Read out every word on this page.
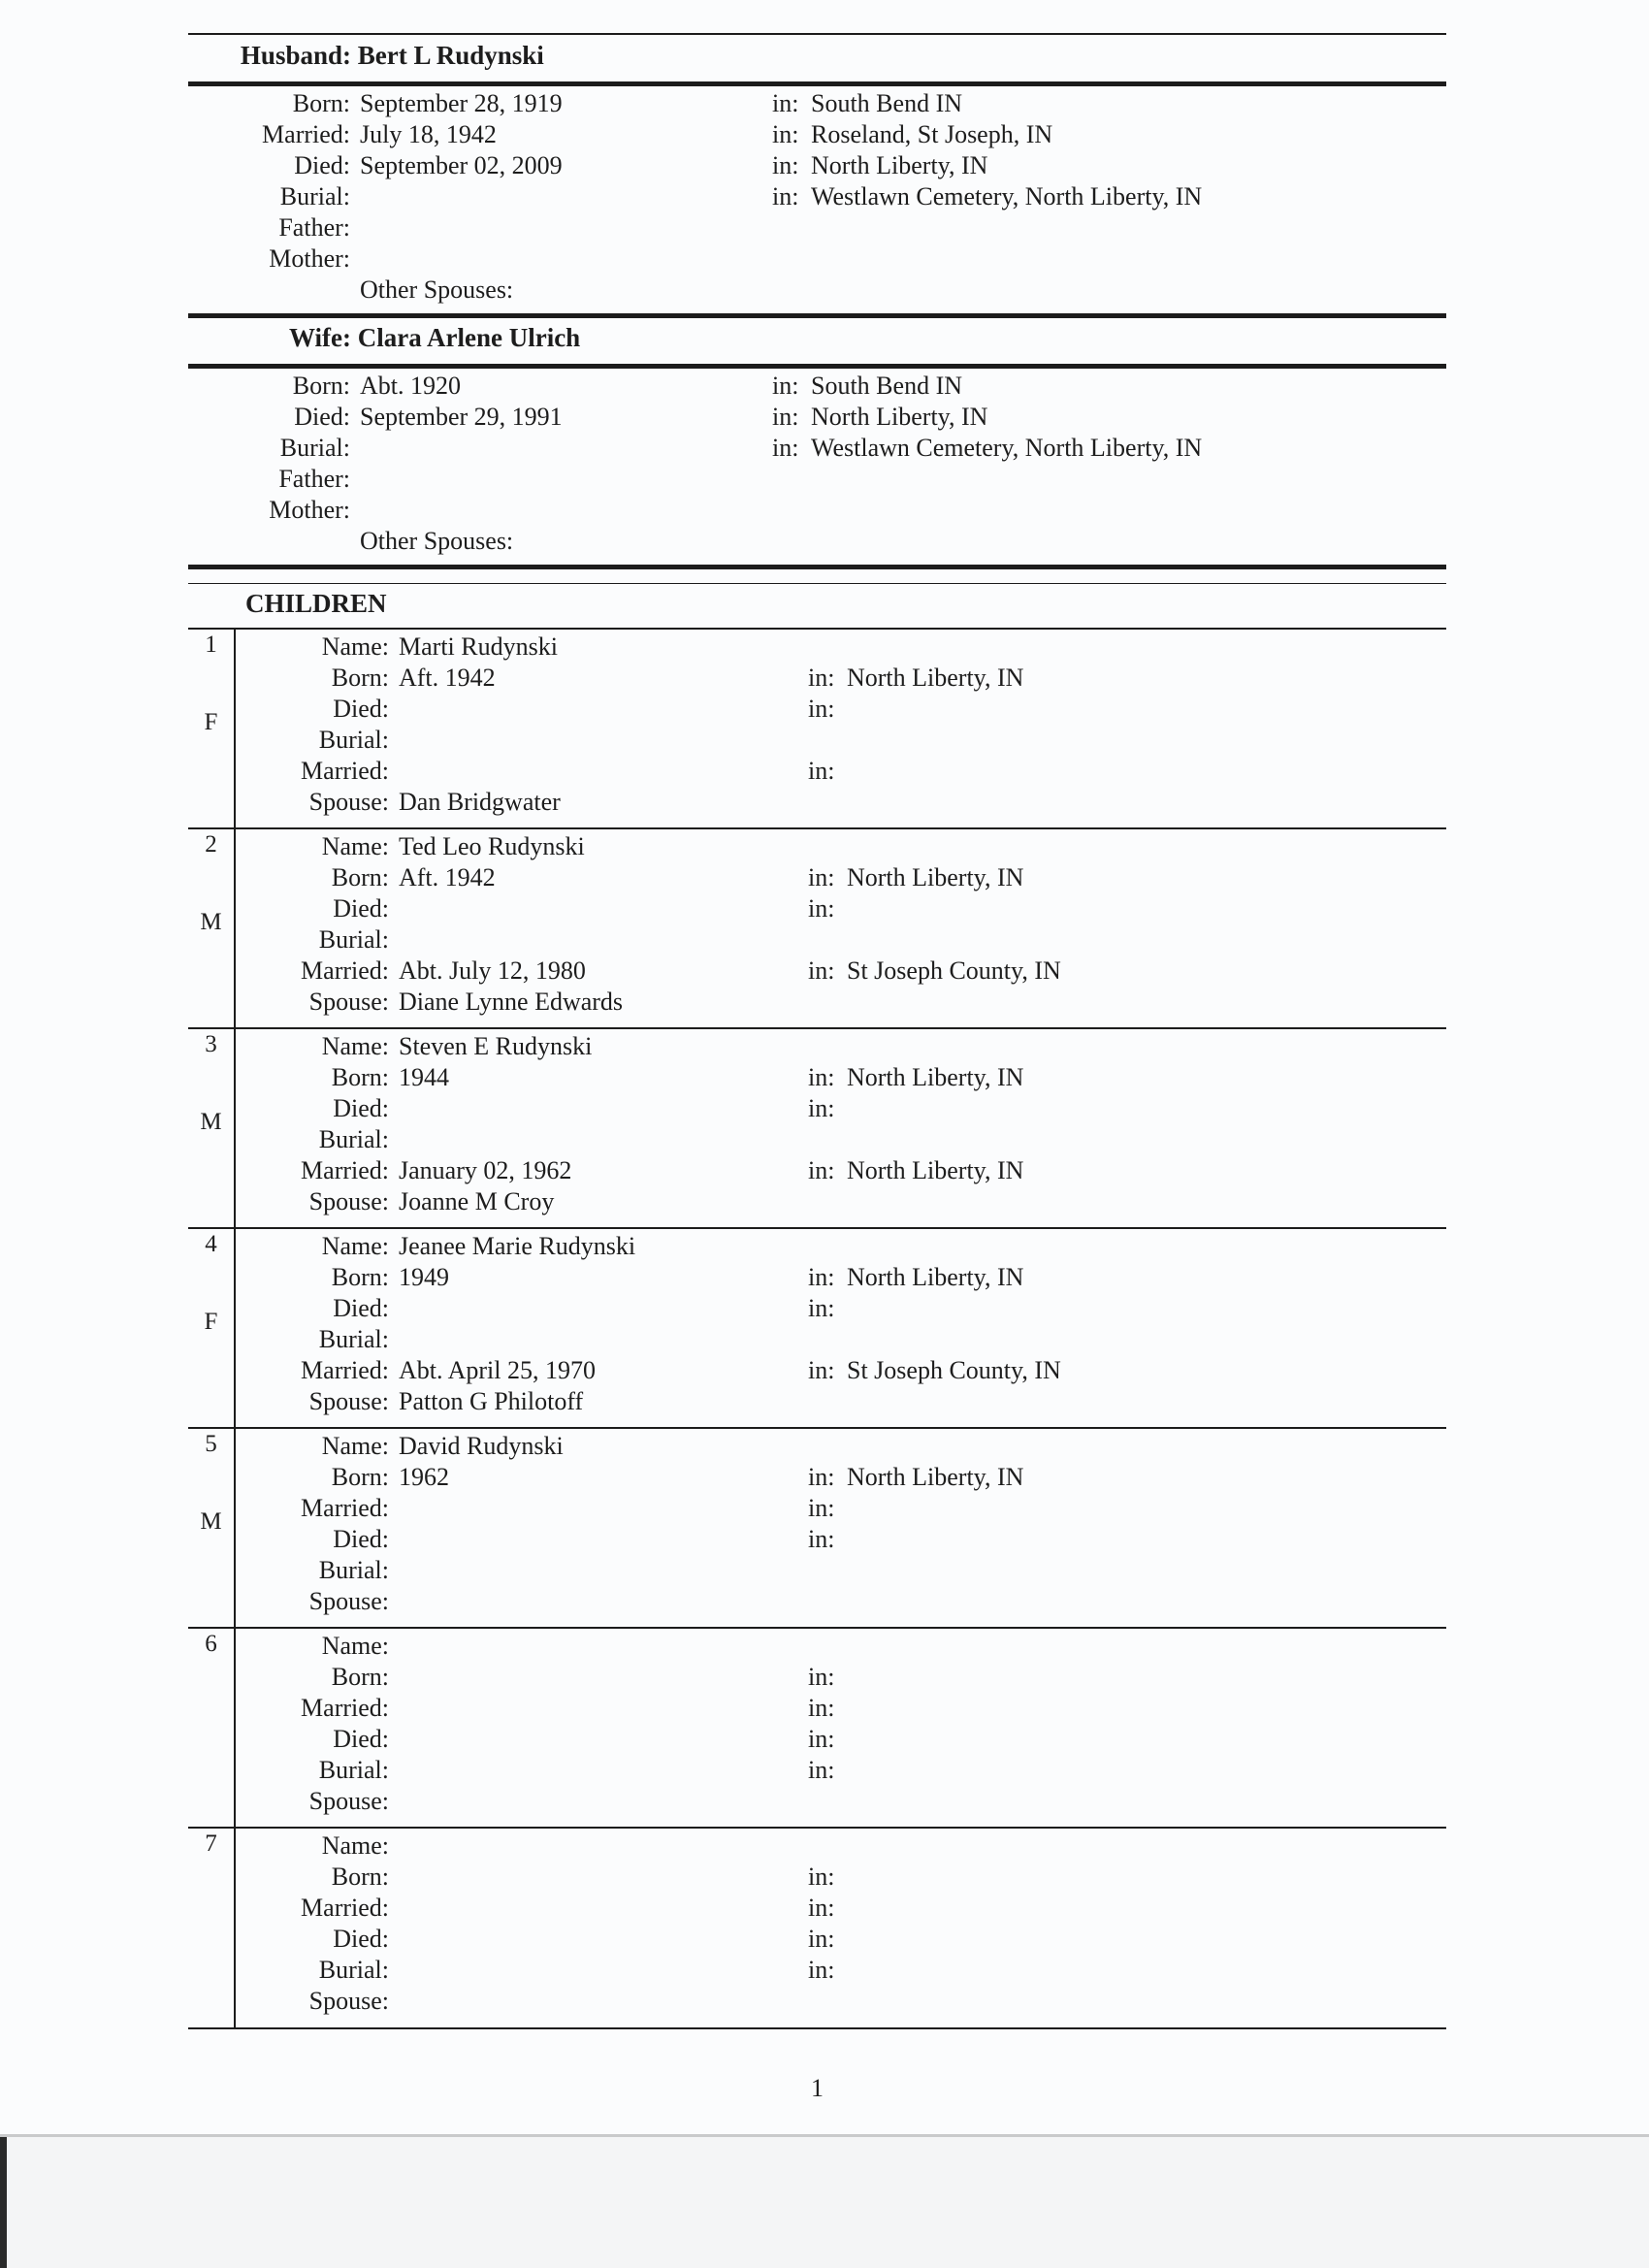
Husband: Bert L Rudynski
Born: September 28, 1919	in: South Bend IN
Married: July 18, 1942	in: Roseland, St Joseph, IN
Died: September 02, 2009	in: North Liberty, IN
Burial:	in: Westlawn Cemetery, North Liberty, IN
Father:
Mother:
Other Spouses:
Wife: Clara Arlene Ulrich
Born: Abt. 1920	in: South Bend IN
Died: September 29, 1991	in: North Liberty, IN
Burial:	in: Westlawn Cemetery, North Liberty, IN
Father:
Mother:
Other Spouses:
CHILDREN
1
F
Name: Marti Rudynski
Born: Aft. 1942	in: North Liberty, IN
Died:	in:
Burial:
Married:	in:
Spouse: Dan Bridgwater
2
M
Name: Ted Leo Rudynski
Born: Aft. 1942	in: North Liberty, IN
Died:	in:
Burial:
Married: Abt. July 12, 1980	in: St Joseph County, IN
Spouse: Diane Lynne Edwards
3
M
Name: Steven E Rudynski
Born: 1944	in: North Liberty, IN
Died:	in:
Burial:
Married: January 02, 1962	in: North Liberty, IN
Spouse: Joanne M Croy
4
F
Name: Jeanee Marie Rudynski
Born: 1949	in: North Liberty, IN
Died:	in:
Burial:
Married: Abt. April 25, 1970	in: St Joseph County, IN
Spouse: Patton G Philotoff
5
M
Name: David Rudynski
Born: 1962	in: North Liberty, IN
Married:	in:
Died:	in:
Burial:
Spouse:
6	Name:
Born:	in:
Married:	in:
Died:	in:
Burial:	in:
Spouse:
7	Name:
Born:	in:
Married:	in:
Died:	in:
Burial:	in:
Spouse:
1
